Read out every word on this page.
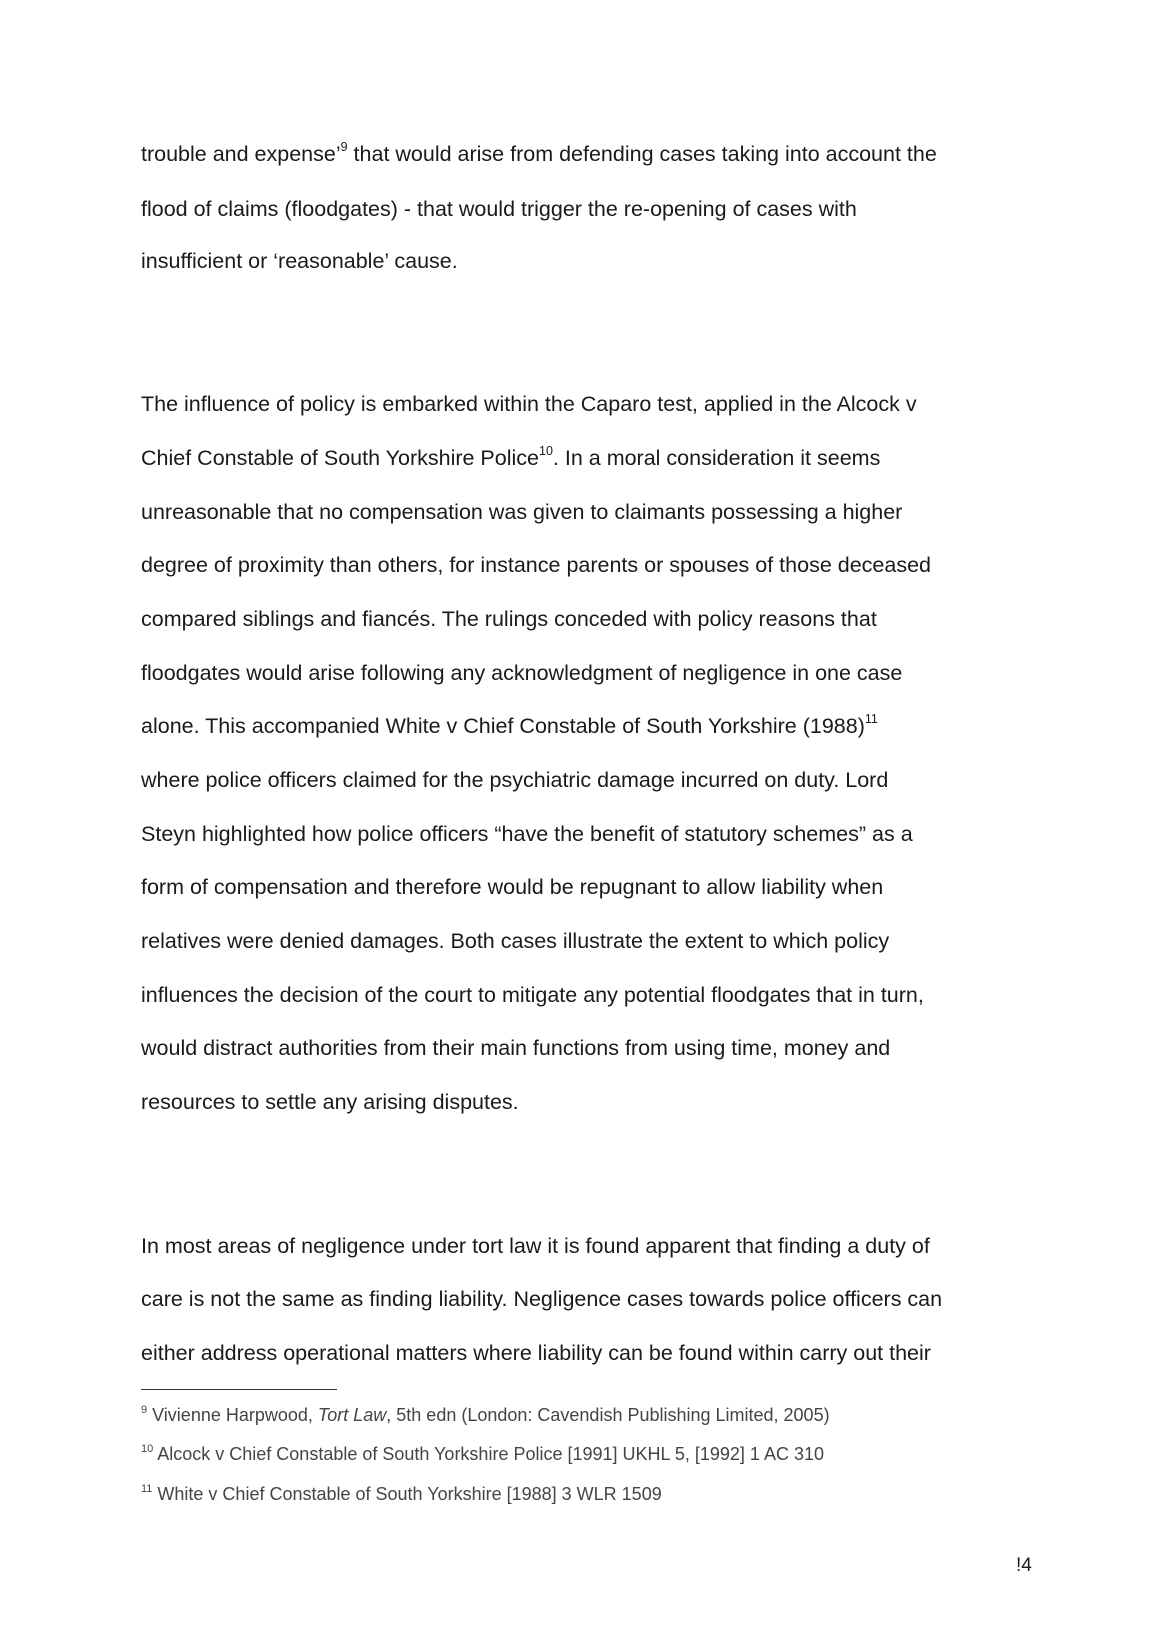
trouble and expense’$^9$ that would arise from defending cases taking into account the
flood of claims (floodgates) - that would trigger the re-opening of cases with
insufficient or ‘reasonable’ cause.
The influence of policy is embarked within the Caparo test, applied in the Alcock v
Chief Constable of South Yorkshire Police$^{10}$. In a moral consideration it seems
unreasonable that no compensation was given to claimants possessing a higher
degree of proximity than others, for instance parents or spouses of those deceased
compared siblings and fiancés. The rulings conceded with policy reasons that
floodgates would arise following any acknowledgment of negligence in one case
alone. This accompanied White v Chief Constable of South Yorkshire (1988)$^{11}$
where police officers claimed for the psychiatric damage incurred on duty. Lord
Steyn highlighted how police officers “have the benefit of statutory schemes” as a
form of compensation and therefore would be repugnant to allow liability when
relatives were denied damages. Both cases illustrate the extent to which policy
influences the decision of the court to mitigate any potential floodgates that in turn,
would distract authorities from their main functions from using time, money and
resources to settle any arising disputes.
In most areas of negligence under tort law it is found apparent that finding a duty of
care is not the same as finding liability. Negligence cases towards police officers can
either address operational matters where liability can be found within carry out their
$^9$ Vivienne Harpwood, Tort Law, 5th edn (London: Cavendish Publishing Limited, 2005)
$^{10}$ Alcock v Chief Constable of South Yorkshire Police [1991] UKHL 5, [1992] 1 AC 310
$^{11}$ White v Chief Constable of South Yorkshire [1988] 3 WLR 1509
!4
